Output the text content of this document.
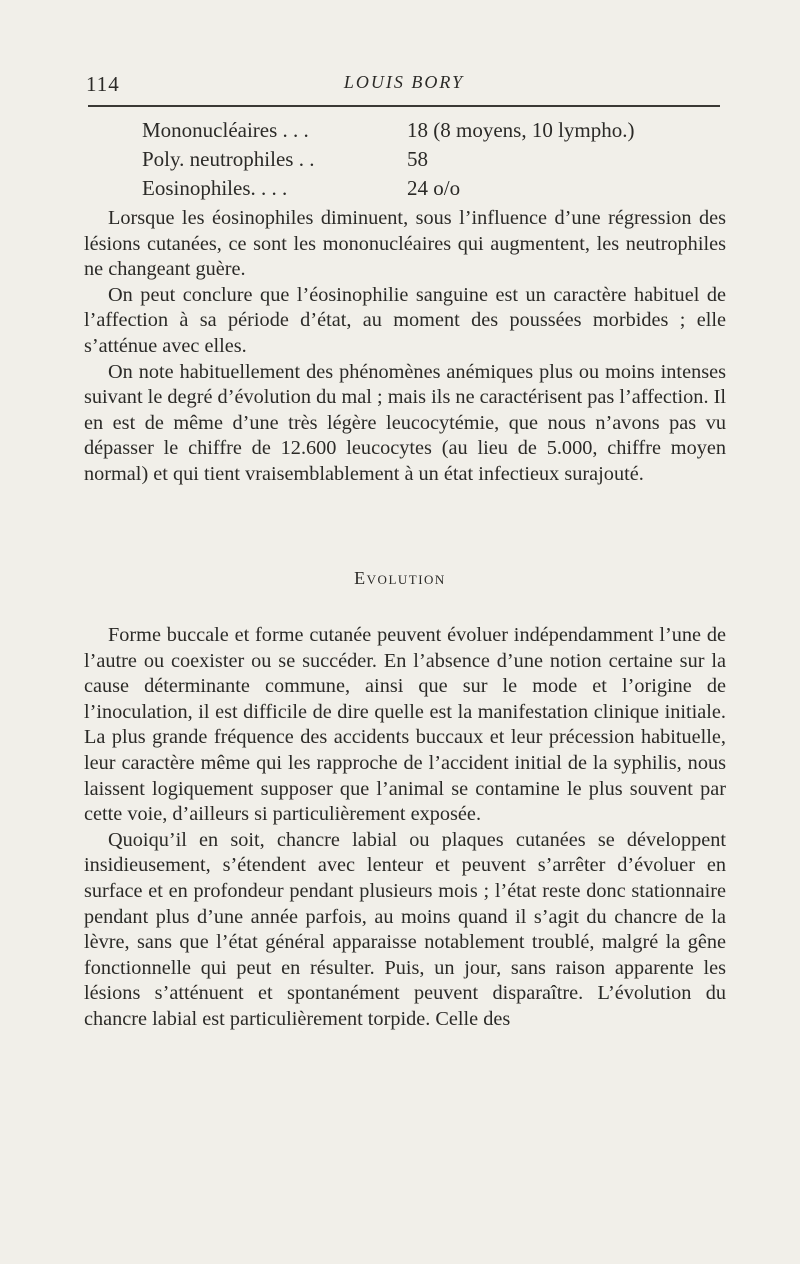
114	LOUIS BORY
Mononucléaires . . .	18 (8 moyens, 10 lympho.)
Poly. neutrophiles . .	58
Eosinophiles. . . .	24 o/o

Lorsque les éosinophiles diminuent, sous l’influence d’une régression des lésions cutanées, ce sont les mononucléaires qui augmentent, les neutrophiles ne changeant guère.

On peut conclure que l’éosinophilie sanguine est un caractère habituel de l’affection à sa période d’état, au moment des poussées morbides ; elle s’atténue avec elles.

On note habituellement des phénomènes anémiques plus ou moins intenses suivant le degré d’évolution du mal ; mais ils ne caractérisent pas l’affection. Il en est de même d’une très légère leucocytémie, que nous n’avons pas vu dépasser le chiffre de 12.600 leucocytes (au lieu de 5.000, chiffre moyen normal) et qui tient vraisemblablement à un état infectieux surajouté.

Evolution

Forme buccale et forme cutanée peuvent évoluer indépendamment l’une de l’autre ou coexister ou se succéder. En l’absence d’une notion certaine sur la cause déterminante commune, ainsi que sur le mode et l’origine de l’inoculation, il est difficile de dire quelle est la manifestation clinique initiale. La plus grande fréquence des accidents buccaux et leur précession habituelle, leur caractère même qui les rapproche de l’accident initial de la syphilis, nous laissent logiquement supposer que l’animal se contamine le plus souvent par cette voie, d’ailleurs si particulièrement exposée.

Quoiqu’il en soit, chancre labial ou plaques cutanées se développent insidieusement, s’étendent avec lenteur et peuvent s’arrêter d’évoluer en surface et en profondeur pendant plusieurs mois ; l’état reste donc stationnaire pendant plus d’une année parfois, au moins quand il s’agit du chancre de la lèvre, sans que l’état général apparaisse notablement troublé, malgré la gêne fonctionnelle qui peut en résulter. Puis, un jour, sans raison apparente les lésions s’atténuent et spontanément peuvent disparaître. L’évolution du chancre labial est particulièrement torpide. Celle des
